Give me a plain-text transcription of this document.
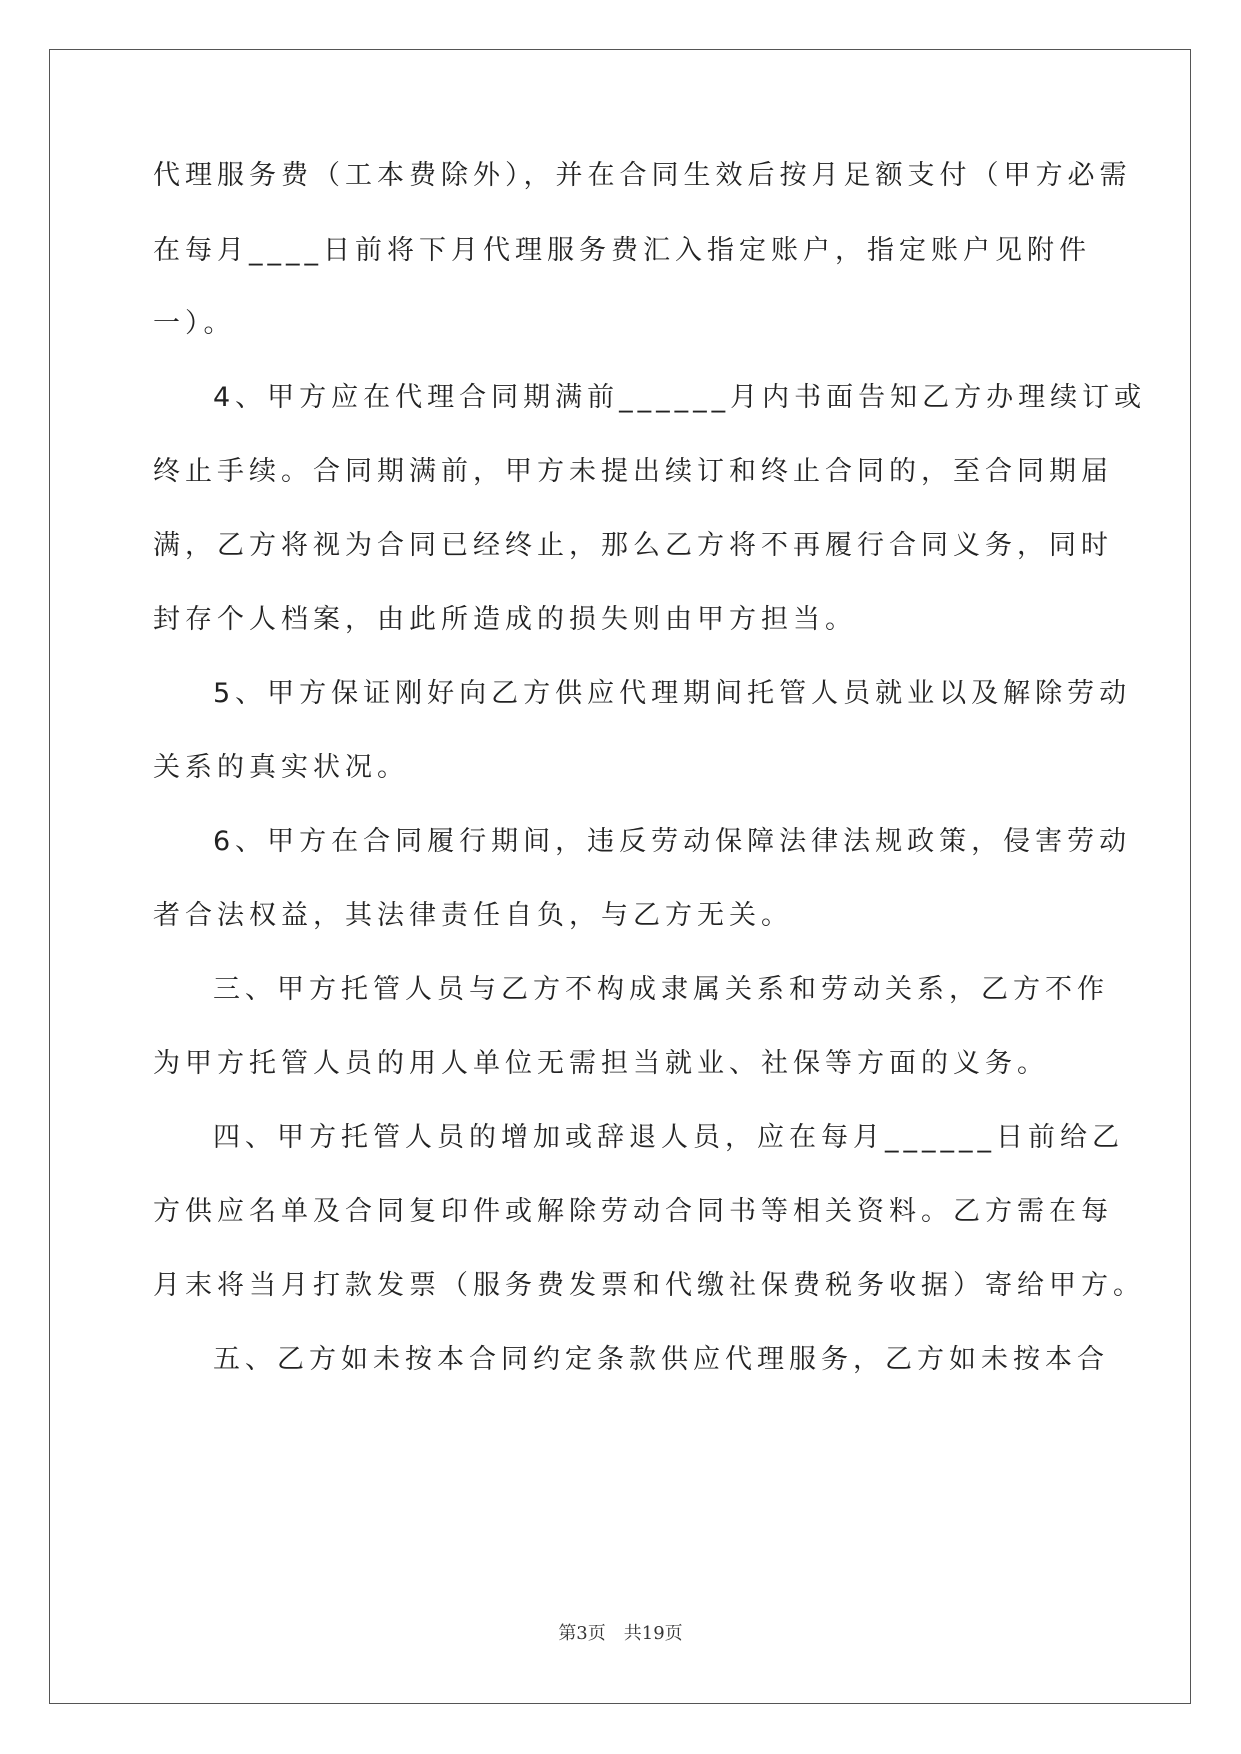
代理服务费（工本费除外），并在合同生效后按月足额支付（甲方必需
在每月____日前将下月代理服务费汇入指定账户，指定账户见附件
一）。
4、甲方应在代理合同期满前______月内书面告知乙方办理续订或
终止手续。合同期满前，甲方未提出续订和终止合同的，至合同期届
满，乙方将视为合同已经终止，那么乙方将不再履行合同义务，同时
封存个人档案，由此所造成的损失则由甲方担当。
5、甲方保证刚好向乙方供应代理期间托管人员就业以及解除劳动
关系的真实状况。
6、甲方在合同履行期间，违反劳动保障法律法规政策，侵害劳动
者合法权益，其法律责任自负，与乙方无关。
三、甲方托管人员与乙方不构成隶属关系和劳动关系，乙方不作
为甲方托管人员的用人单位无需担当就业、社保等方面的义务。
四、甲方托管人员的增加或辞退人员，应在每月______日前给乙
方供应名单及合同复印件或解除劳动合同书等相关资料。乙方需在每
月末将当月打款发票（服务费发票和代缴社保费税务收据）寄给甲方。
五、乙方如未按本合同约定条款供应代理服务，乙方如未按本合
第3页 共19页
